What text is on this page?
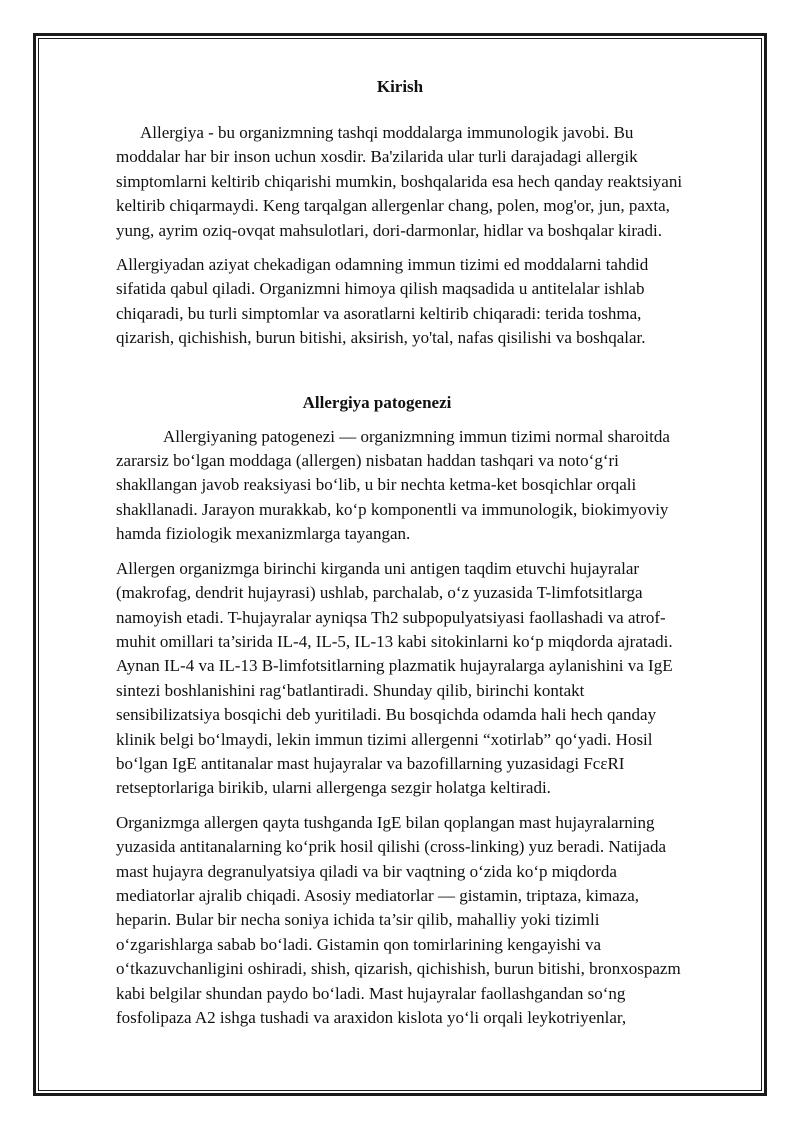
Kirish

Allergiya - bu organizmning tashqi moddalarga immunologik javobi. Bu moddalar har bir inson uchun xosdir. Ba'zilarida ular turli darajadagi allergik simptomlarni keltirib chiqarishi mumkin, boshqalarida esa hech qanday reaktsiyani keltirib chiqarmaydi. Keng tarqalgan allergenlar chang, polen, mog'or, jun, paxta, yung, ayrim oziq-ovqat mahsulotlari, dori-darmonlar, hidlar va boshqalar kiradi.

Allergiyadan aziyat chekadigan odamning immun tizimi ed moddalarni tahdid sifatida qabul qiladi. Organizmni himoya qilish maqsadida u antitelalar ishlab chiqaradi, bu turli simptomlar va asoratlarni keltirib chiqaradi: terida toshma, qizarish, qichishish, burun bitishi, aksirish, yo'tal, nafas qisilishi va boshqalar.

Allergiya patogenezi

Allergiyaning patogenezi — organizmning immun tizimi normal sharoitda zararsiz bo‘lgan moddaga (allergen) nisbatan haddan tashqari va noto‘g‘ri shakllangan javob reaksiyasi bo‘lib, u bir nechta ketma-ket bosqichlar orqali shakllanadi. Jarayon murakkab, ko‘p komponentli va immunologik, biokimyoviy hamda fiziologik mexanizmlarga tayangan.

Allergen organizmga birinchi kirganda uni antigen taqdim etuvchi hujayralar (makrofag, dendrit hujayrasi) ushlab, parchalab, o‘z yuzasida T-limfotsitlarga namoyish etadi. T-hujayralar ayniqsa Th2 subpopulyatsiyasi faollashadi va atrof-muhit omillari ta’sirida IL-4, IL-5, IL-13 kabi sitokinlarni ko‘p miqdorda ajratadi. Aynan IL-4 va IL-13 B-limfotsitlarning plazmatik hujayralarga aylanishini va IgE sintezi boshlanishini rag‘batlantiradi. Shunday qilib, birinchi kontakt sensibilizatsiya bosqichi deb yuritiladi. Bu bosqichda odamda hali hech qanday klinik belgi bo‘lmaydi, lekin immun tizimi allergenni “xotirlab” qo‘yadi. Hosil bo‘lgan IgE antitanalar mast hujayralar va bazofillarning yuzasidagi FcεRI retseptorlariga birikib, ularni allergenga sezgir holatga keltiradi.

Organizmga allergen qayta tushganda IgE bilan qoplangan mast hujayralarning yuzasida antitanalarning ko‘prik hosil qilishi (cross-linking) yuz beradi. Natijada mast hujayra degranulyatsiya qiladi va bir vaqtning o‘zida ko‘p miqdorda mediatorlar ajralib chiqadi. Asosiy mediatorlar — gistamin, triptaza, kimaza, heparin. Bular bir necha soniya ichida ta’sir qilib, mahalliy yoki tizimli o‘zgarishlarga sabab bo‘ladi. Gistamin qon tomirlarining kengayishi va o‘tkazuvchanligini oshiradi, shish, qizarish, qichishish, burun bitishi, bronxospazm kabi belgilar shundan paydo bo‘ladi. Mast hujayralar faollashgandan so‘ng fosfolipaza A2 ishga tushadi va araxidon kislota yo‘li orqali leykotriyenlar,
